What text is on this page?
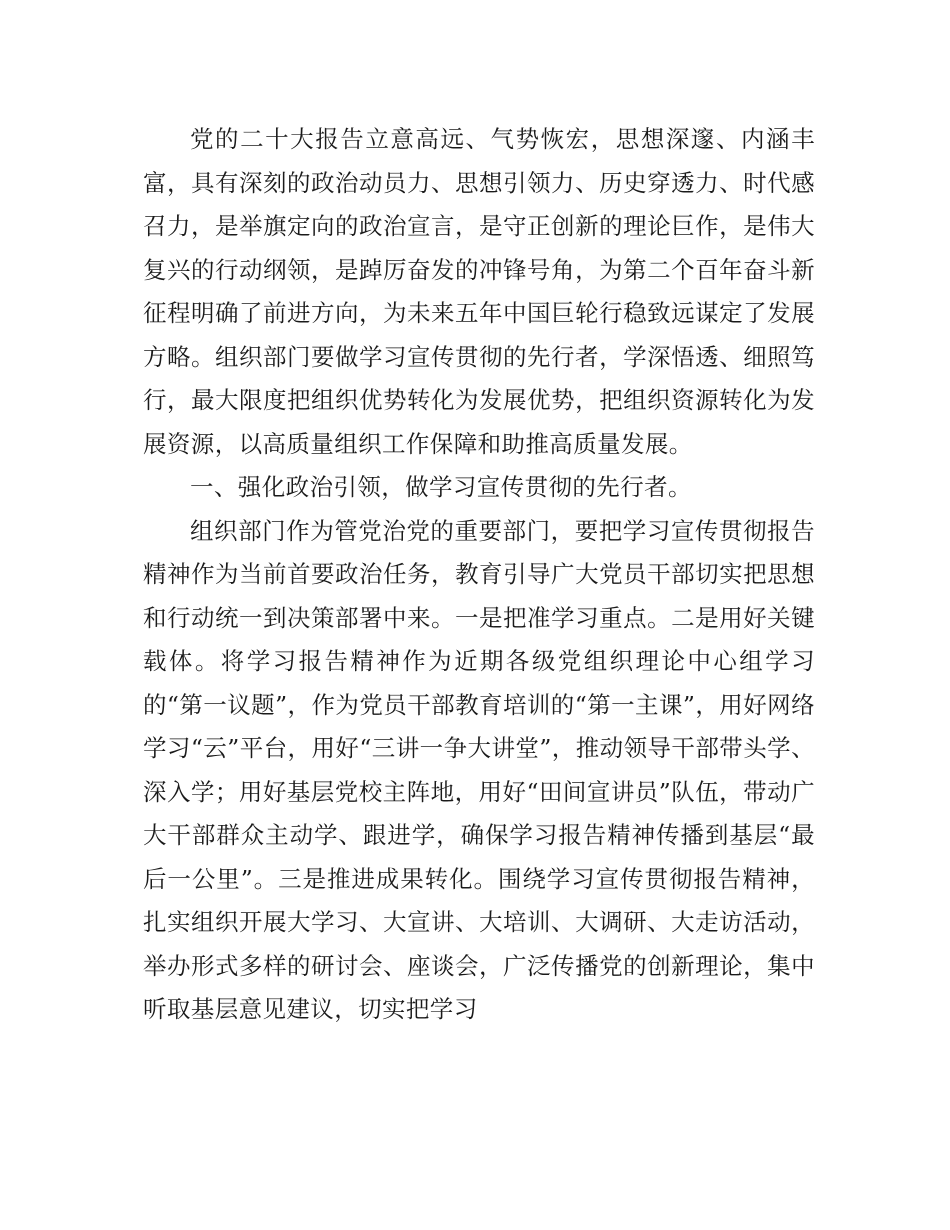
党的二十大报告立意高远、气势恢宏，思想深邃、内涵丰富，具有深刻的政治动员力、思想引领力、历史穿透力、时代感召力，是举旗定向的政治宣言，是守正创新的理论巨作，是伟大复兴的行动纲领，是踔厉奋发的冲锋号角，为第二个百年奋斗新征程明确了前进方向，为未来五年中国巨轮行稳致远谋定了发展方略。组织部门要做学习宣传贯彻的先行者，学深悟透、细照笃行，最大限度把组织优势转化为发展优势，把组织资源转化为发展资源，以高质量组织工作保障和助推高质量发展。

一、强化政治引领，做学习宣传贯彻的先行者。

组织部门作为管党治党的重要部门，要把学习宣传贯彻报告精神作为当前首要政治任务，教育引导广大党员干部切实把思想和行动统一到决策部署中来。一是把准学习重点。二是用好关键载体。将学习报告精神作为近期各级党组织理论中心组学习的“第一议题”，作为党员干部教育培训的“第一主课”，用好网络学习“云”平台，用好“三讲一争大讲堂”，推动领导干部带头学、深入学；用好基层党校主阵地，用好“田间宣讲员”队伍，带动广大干部群众主动学、跟进学，确保学习报告精神传播到基层“最后一公里”。三是推进成果转化。围绕学习宣传贯彻报告精神，扎实组织开展大学习、大宣讲、大培训、大调研、大走访活动，举办形式多样的研讨会、座谈会，广泛传播党的创新理论，集中听取基层意见建议，切实把学习
